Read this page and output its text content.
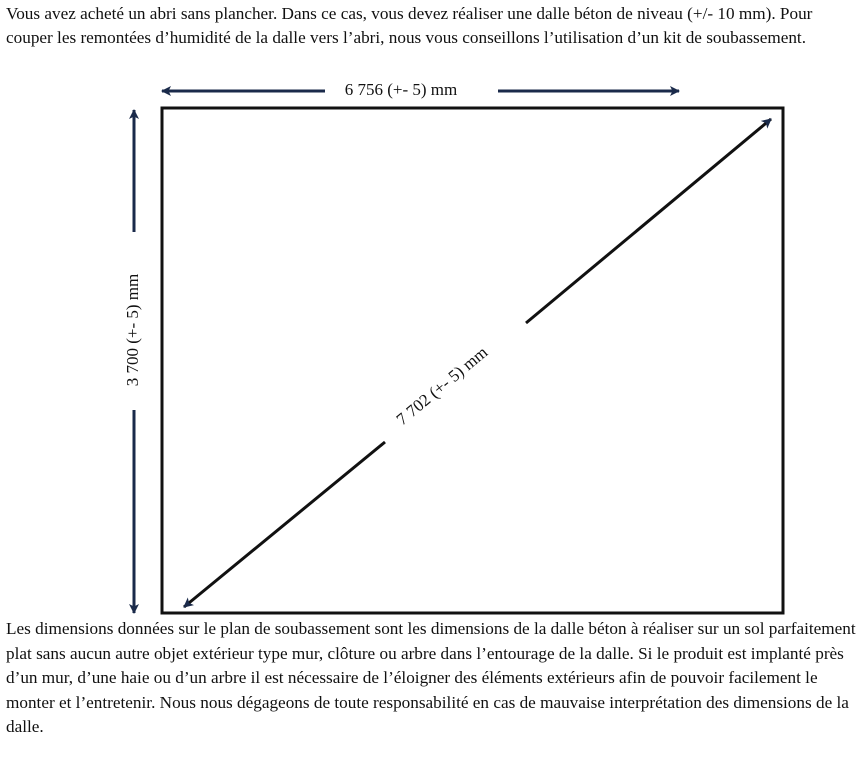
Vous avez acheté un abri sans plancher. Dans ce cas, vous devez réaliser une dalle béton de niveau (+/- 10 mm). Pour couper les remontées d’humidité de la dalle vers l’abri, nous vous conseillons l’utilisation d’un kit de soubassement.

6 756 (+- 5) mm
3 700 (+- 5) mm	7 702 (+- 5) mm

Les dimensions données sur le plan de soubassement sont les dimensions de la dalle béton à réaliser sur un sol parfaitement plat sans aucun autre objet extérieur type mur, clôture ou arbre dans l’entourage de la dalle. Si le produit est implanté près d’un mur, d’une haie ou d’un arbre il est nécessaire de l’éloigner des éléments extérieurs afin de pouvoir facilement le monter et l’entretenir. Nous nous dégageons de toute responsabilité en cas de mauvaise interprétation des dimensions de la dalle.
